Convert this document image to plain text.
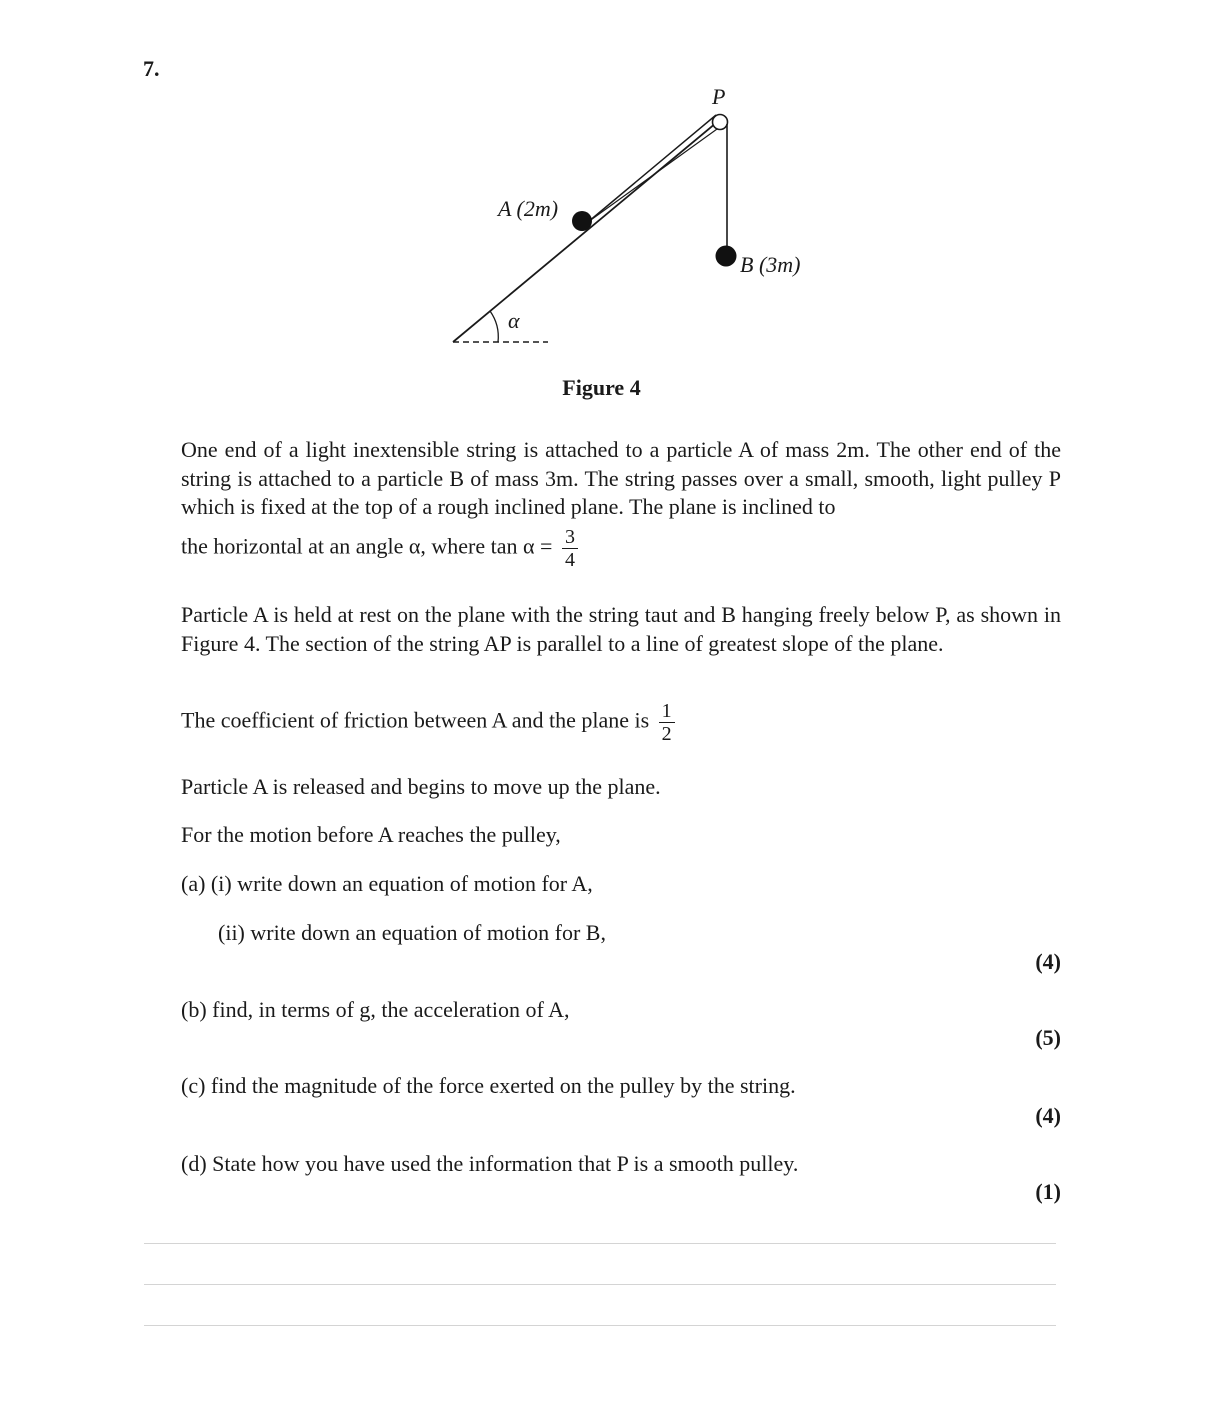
7.
P
A (2m)
B (3m)
α
Figure 4
One end of a light inextensible string is attached to a particle A of mass 2m. The other end of the string is attached to a particle B of mass 3m. The string passes over a small, smooth, light pulley P which is fixed at the top of a rough inclined plane. The plane is inclined to
the horizontal at an angle α, where $\tan \alpha = \frac{3}{4}$
Particle A is held at rest on the plane with the string taut and B hanging freely below P, as shown in Figure 4. The section of the string AP is parallel to a line of greatest slope of the plane.
The coefficient of friction between A and the plane is $\frac{1}{2}$
Particle A is released and begins to move up the plane.
For the motion before A reaches the pulley,
(a) (i) write down an equation of motion for A,
(ii) write down an equation of motion for B,
(4)
(b) find, in terms of g, the acceleration of A,
(5)
(c) find the magnitude of the force exerted on the pulley by the string.
(4)
(d) State how you have used the information that P is a smooth pulley.
(1)
